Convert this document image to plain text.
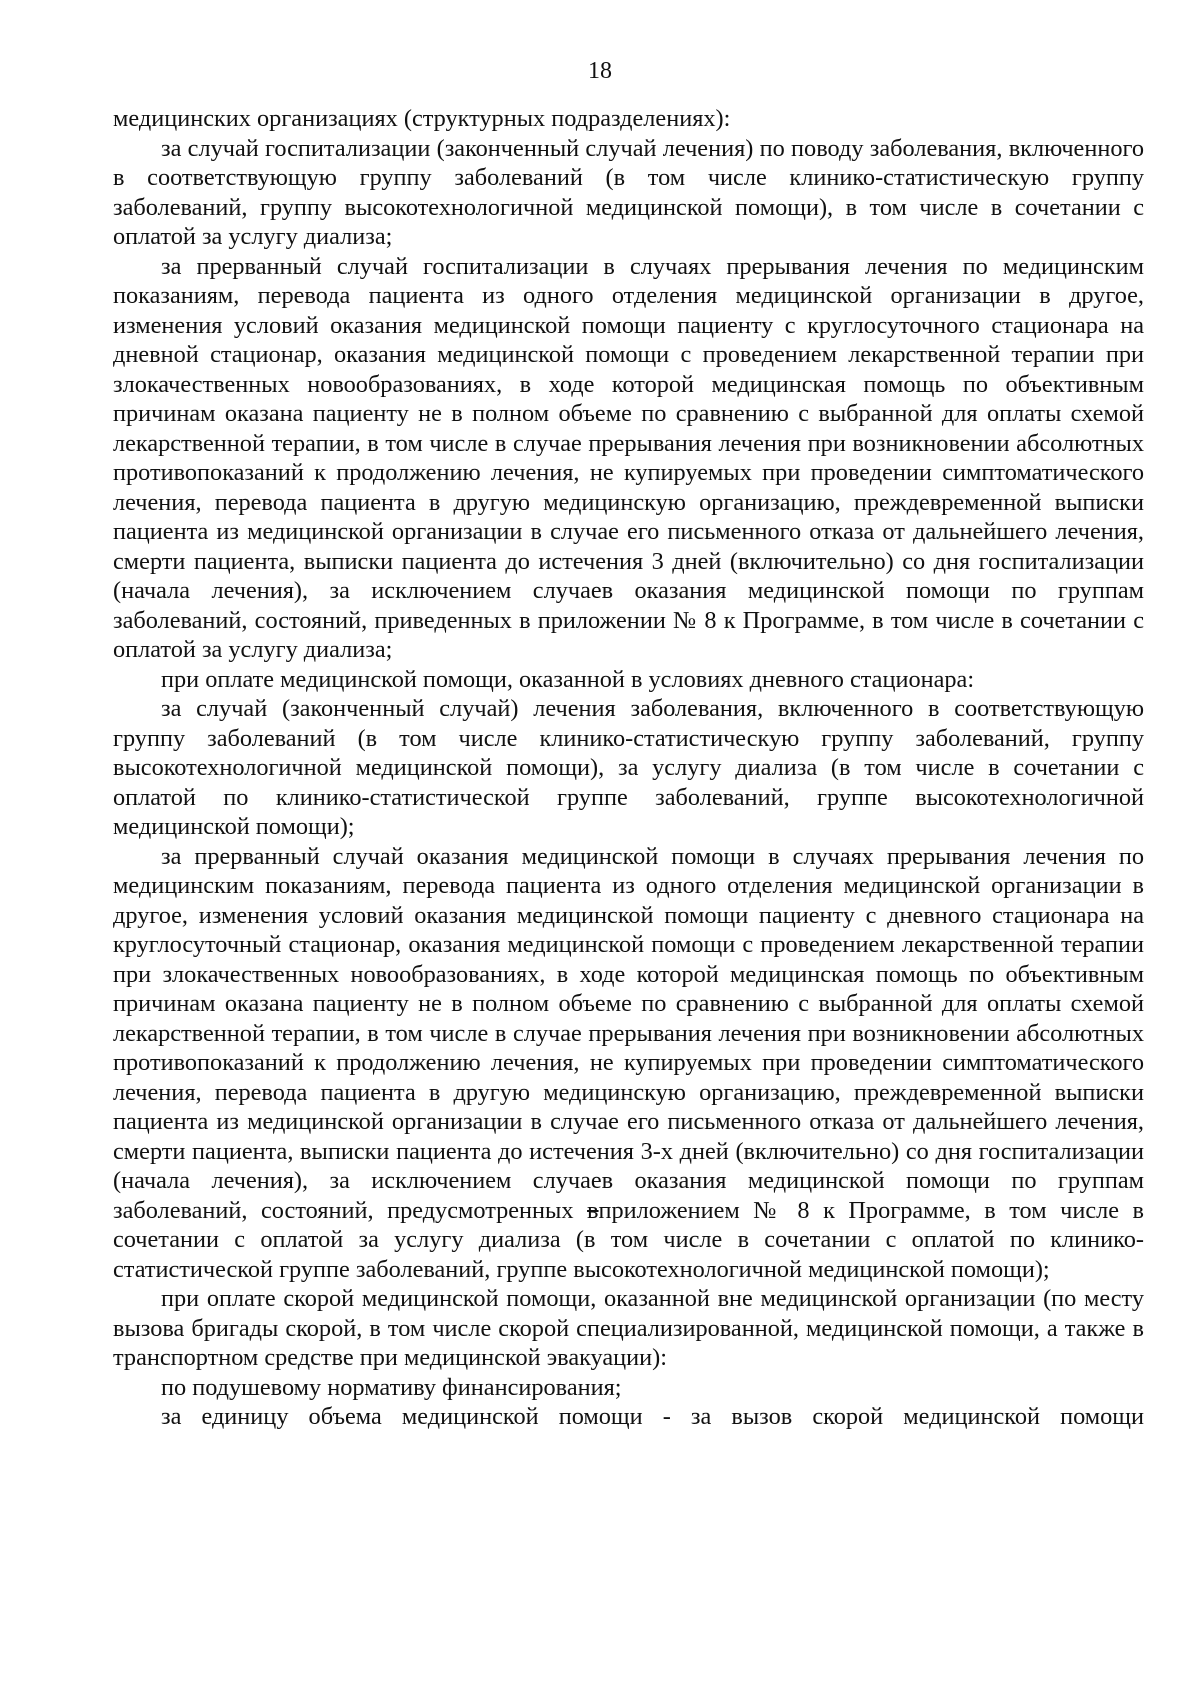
18

медицинских организациях (структурных подразделениях):

за случай госпитализации (законченный случай лечения) по поводу заболевания, включенного в соответствующую группу заболеваний (в том числе клинико-статистическую группу заболеваний, группу высокотехнологичной медицинской помощи), в том числе в сочетании с оплатой за услугу диализа;

за прерванный случай госпитализации в случаях прерывания лечения по медицинским показаниям, перевода пациента из одного отделения медицинской организации в другое, изменения условий оказания медицинской помощи пациенту с круглосуточного стационара на дневной стационар, оказания медицинской помощи с проведением лекарственной терапии при злокачественных новообразованиях, в ходе которой медицинская помощь по объективным причинам оказана пациенту не в полном объеме по сравнению с выбранной для оплаты схемой лекарственной терапии, в том числе в случае прерывания лечения при возникновении абсолютных противопоказаний к продолжению лечения, не купируемых при проведении симптоматического лечения, перевода пациента в другую медицинскую организацию, преждевременной выписки пациента из медицинской организации в случае его письменного отказа от дальнейшего лечения, смерти пациента, выписки пациента до истечения 3 дней (включительно) со дня госпитализации (начала лечения), за исключением случаев оказания медицинской помощи по группам заболеваний, состояний, приведенных в приложении № 8 к Программе, в том числе в сочетании с оплатой за услугу диализа;

при оплате медицинской помощи, оказанной в условиях дневного стационара:

за случай (законченный случай) лечения заболевания, включенного в соответствующую группу заболеваний (в том числе клинико-статистическую группу заболеваний, группу высокотехнологичной медицинской помощи), за услугу диализа (в том числе в сочетании с оплатой по клинико-статистической группе заболеваний, группе высокотехнологичной медицинской помощи);

за прерванный случай оказания медицинской помощи в случаях прерывания лечения по медицинским показаниям, перевода пациента из одного отделения медицинской организации в другое, изменения условий оказания медицинской помощи пациенту с дневного стационара на круглосуточный стационар, оказания медицинской помощи с проведением лекарственной терапии при злокачественных новообразованиях, в ходе которой медицинская помощь по объективным причинам оказана пациенту не в полном объеме по сравнению с выбранной для оплаты схемой лекарственной терапии, в том числе в случае прерывания лечения при возникновении абсолютных противопоказаний к продолжению лечения, не купируемых при проведении симптоматического лечения, перевода пациента в другую медицинскую организацию, преждевременной выписки пациента из медицинской организации в случае его письменного отказа от дальнейшего лечения, смерти пациента, выписки пациента до истечения 3-х дней (включительно) со дня госпитализации (начала лечения), за исключением случаев оказания медицинской помощи по группам заболеваний, состояний, предусмотренных вприложением № 8 к Программе, в том числе в сочетании с оплатой за услугу диализа (в том числе в сочетании с оплатой по клинико-статистической группе заболеваний, группе высокотехнологичной медицинской помощи);

при оплате скорой медицинской помощи, оказанной вне медицинской организации (по месту вызова бригады скорой, в том числе скорой специализированной, медицинской помощи, а также в транспортном средстве при медицинской эвакуации):

по подушевому нормативу финансирования;

за единицу объема медицинской помощи - за вызов скорой медицинской помощи
